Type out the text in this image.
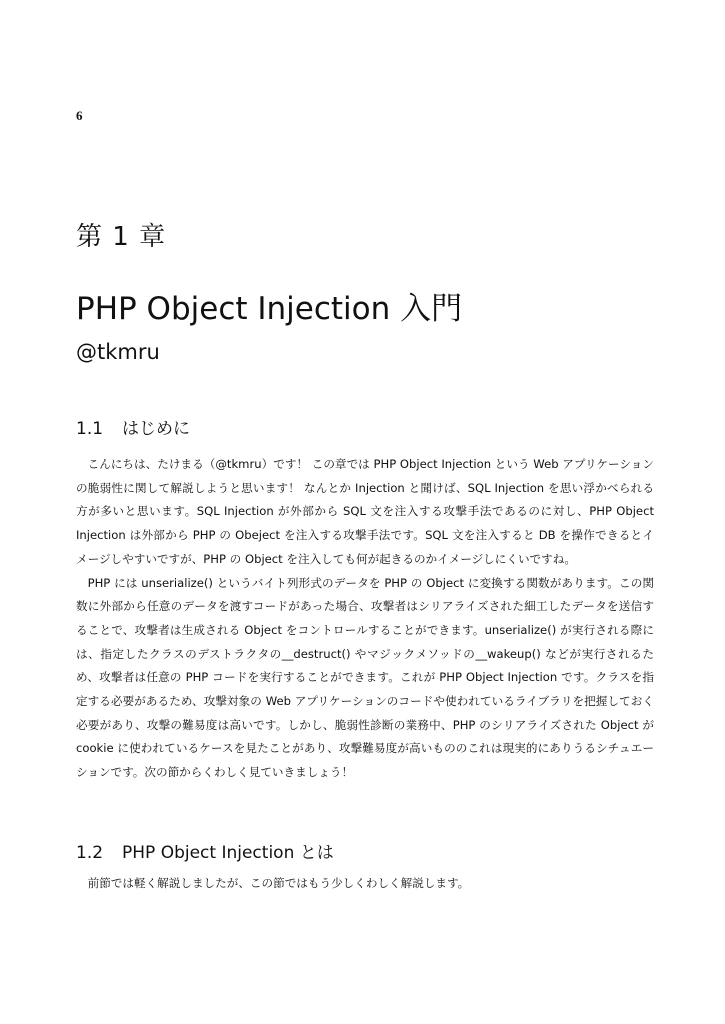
6
第 1 章
PHP Object Injection 入門
@tkmru
1.1 はじめに

こんにちは、たけまる（@tkmru）です！ この章では PHP Object Injection という Web アプリケーションの脆弱性に関して解説しようと思います！ なんとか Injection と聞けば、SQL Injection を思い浮かべられる方が多いと思います。SQL Injection が外部から SQL 文を注入する攻撃手法であるのに対し、PHP Object Injection は外部から PHP の Obeject を注入する攻撃手法です。SQL 文を注入すると DB を操作できるとイメージしやすいですが、PHP の Object を注入しても何が起きるのかイメージしにくいですね。

PHP には unserialize() というバイト列形式のデータを PHP の Object に変換する関数があります。この関数に外部から任意のデータを渡すコードがあった場合、攻撃者はシリアライズされた細工したデータを送信することで、攻撃者は生成される Object をコントロールすることができます。unserialize() が実行される際には、指定したクラスのデストラクタの__destruct() やマジックメソッドの__wakeup() などが実行されるため、攻撃者は任意の PHP コードを実行することができます。これが PHP Object Injection です。クラスを指定する必要があるため、攻撃対象の Web アプリケーションのコードや使われているライブラリを把握しておく必要があり、攻撃の難易度は高いです。しかし、脆弱性診断の業務中、PHP のシリアライズされた Object が cookie に使われているケースを見たことがあり、攻撃難易度が高いもののこれは現実的にありうるシチュエーションです。次の節からくわしく見ていきましょう！

1.2 PHP Object Injection とは

前節では軽く解説しましたが、この節ではもう少しくわしく解説します。
